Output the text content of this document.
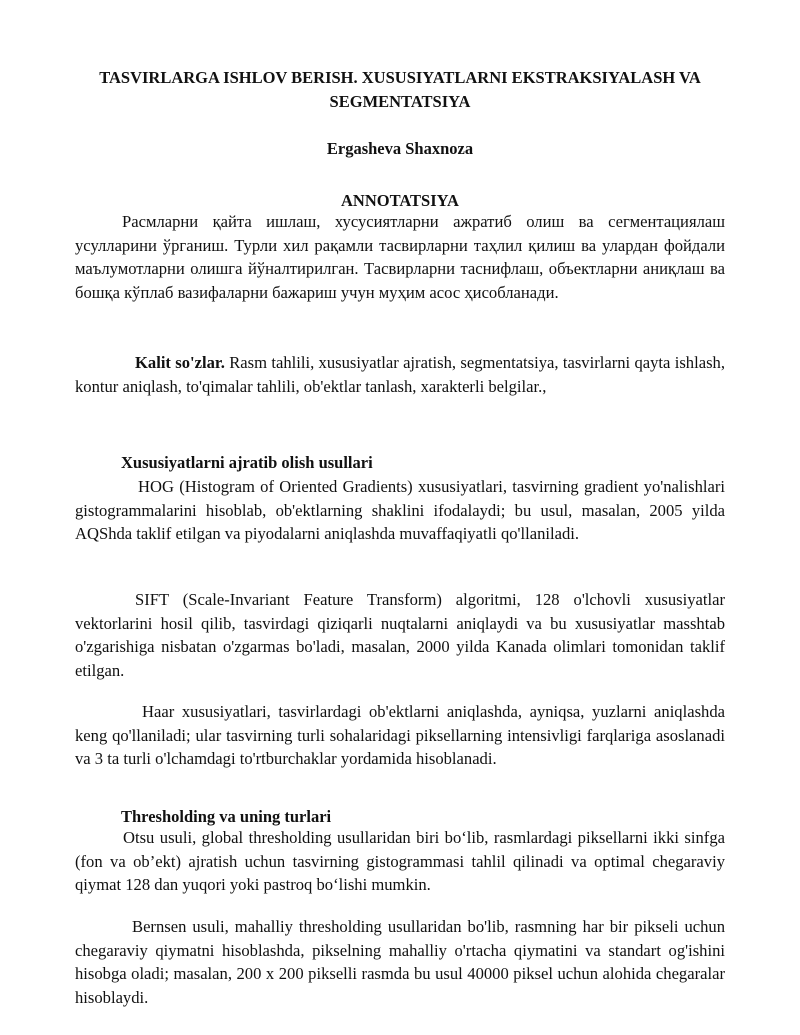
TASVIRLARGA ISHLOV BERISH. XUSUSIYATLARNI EKSTRAKSIYALASH VA SEGMENTATSIYA
Ergasheva Shaxnoza
ANNOTATSIYA

Расмларни қайта ишлаш, хусусиятларни ажратиб олиш ва сегментациялаш усулларини ўрганиш. Турли хил рақамли тасвирларни таҳлил қилиш ва улардан фойдали маълумотларни олишга йўналтирилган. Тасвирларни таснифлаш, объектларни аниқлаш ва бошқа кўплаб вазифаларни бажариш учун муҳим асос ҳисобланади.

Kalit so'zlar. Rasm tahlili, xususiyatlar ajratish, segmentatsiya, tasvirlarni qayta ishlash, kontur aniqlash, to'qimalar tahlili, ob'ektlar tanlash, xarakterli belgilar.,

Xususiyatlarni ajratib olish usullari

HOG (Histogram of Oriented Gradients) xususiyatlari, tasvirning gradient yo'nalishlari gistogrammalarini hisoblab, ob'ektlarning shaklini ifodalaydi; bu usul, masalan, 2005 yilda AQShda taklif etilgan va piyodalarni aniqlashda muvaffaqiyatli qo'llaniladi.

SIFT (Scale-Invariant Feature Transform) algoritmi, 128 o'lchovli xususiyatlar vektorlarini hosil qilib, tasvirdagi qiziqarli nuqtalarni aniqlaydi va bu xususiyatlar masshtab o'zgarishiga nisbatan o'zgarmas bo'ladi, masalan, 2000 yilda Kanada olimlari tomonidan taklif etilgan.

Haar xususiyatlari, tasvirlardagi ob'ektlarni aniqlashda, ayniqsa, yuzlarni aniqlashda keng qo'llaniladi; ular tasvirning turli sohalaridagi piksellarning intensivligi farqlariga asoslanadi va 3 ta turli o'lchamdagi to'rtburchaklar yordamida hisoblanadi.

Thresholding va uning turlari

Otsu usuli, global thresholding usullaridan biri bo‘lib, rasmlardagi piksellarni ikki sinfga (fon va ob’ekt) ajratish uchun tasvirning gistogrammasi tahlil qilinadi va optimal chegaraviy qiymat 128 dan yuqori yoki pastroq bo‘lishi mumkin.

Bernsen usuli, mahalliy thresholding usullaridan bo'lib, rasmning har bir pikseli uchun chegaraviy qiymatni hisoblashda, pikselning mahalliy o'rtacha qiymatini va standart og'ishini hisobga oladi; masalan, 200 x 200 pikselli rasmda bu usul 40000 piksel uchun alohida chegaralar hisoblaydi.
